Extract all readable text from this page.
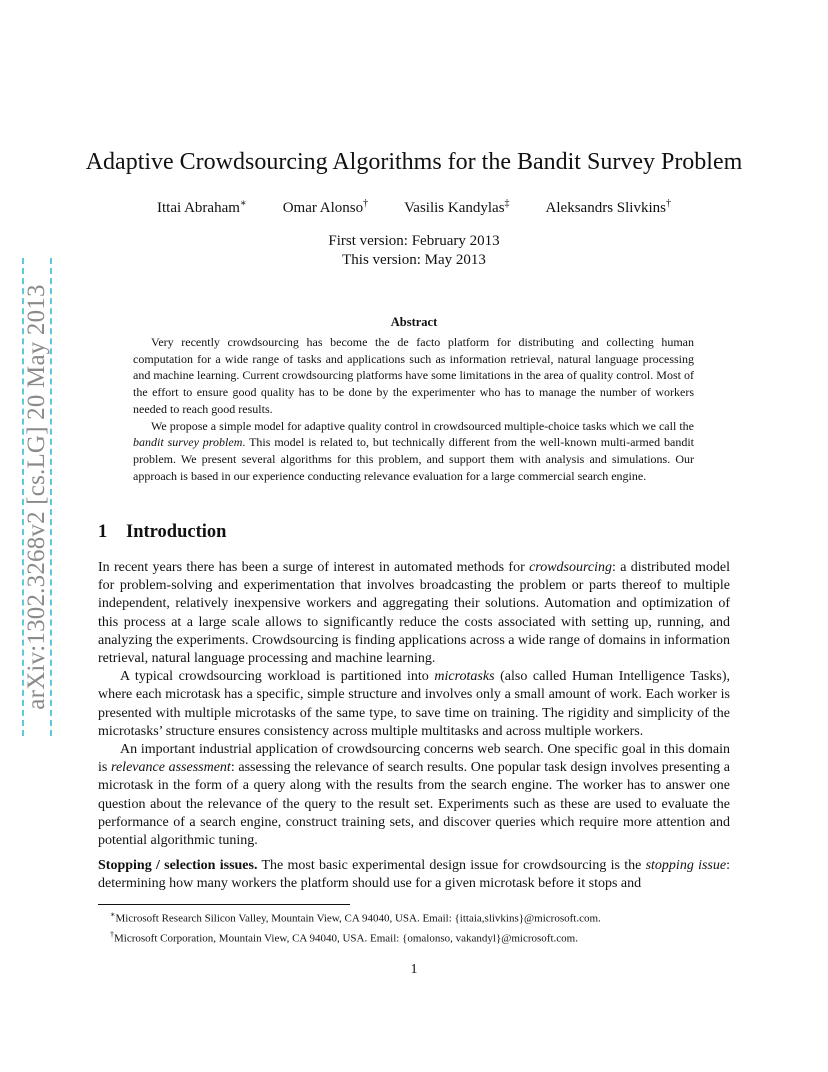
arXiv:1302.3268v2 [cs.LG] 20 May 2013
Adaptive Crowdsourcing Algorithms for the Bandit Survey Problem
Ittai Abraham∗ Omar Alonso† Vasilis Kandylas‡ Aleksandrs Slivkins†
First version: February 2013
This version: May 2013
Abstract

Very recently crowdsourcing has become the de facto platform for distributing and collecting human computation for a wide range of tasks and applications such as information retrieval, natural language processing and machine learning. Current crowdsourcing platforms have some limitations in the area of quality control. Most of the effort to ensure good quality has to be done by the experimenter who has to manage the number of workers needed to reach good results.

We propose a simple model for adaptive quality control in crowdsourced multiple-choice tasks which we call the bandit survey problem. This model is related to, but technically different from the well-known multi-armed bandit problem. We present several algorithms for this problem, and support them with analysis and simulations. Our approach is based in our experience conducting relevance evaluation for a large commercial search engine.

1 Introduction

In recent years there has been a surge of interest in automated methods for crowdsourcing: a distributed model for problem-solving and experimentation that involves broadcasting the problem or parts thereof to multiple independent, relatively inexpensive workers and aggregating their solutions. Automation and optimization of this process at a large scale allows to significantly reduce the costs associated with setting up, running, and analyzing the experiments. Crowdsourcing is finding applications across a wide range of domains in information retrieval, natural language processing and machine learning.

A typical crowdsourcing workload is partitioned into microtasks (also called Human Intelligence Tasks), where each microtask has a specific, simple structure and involves only a small amount of work. Each worker is presented with multiple microtasks of the same type, to save time on training. The rigidity and simplicity of the microtasks’ structure ensures consistency across multiple multitasks and across multiple workers.

An important industrial application of crowdsourcing concerns web search. One specific goal in this domain is relevance assessment: assessing the relevance of search results. One popular task design involves presenting a microtask in the form of a query along with the results from the search engine. The worker has to answer one question about the relevance of the query to the result set. Experiments such as these are used to evaluate the performance of a search engine, construct training sets, and discover queries which require more attention and potential algorithmic tuning.

Stopping / selection issues. The most basic experimental design issue for crowdsourcing is the stopping issue: determining how many workers the platform should use for a given microtask before it stops and

∗Microsoft Research Silicon Valley, Mountain View, CA 94040, USA. Email: {ittaia,slivkins}@microsoft.com.
†Microsoft Corporation, Mountain View, CA 94040, USA. Email: {omalonso, vakandyl}@microsoft.com.
1
